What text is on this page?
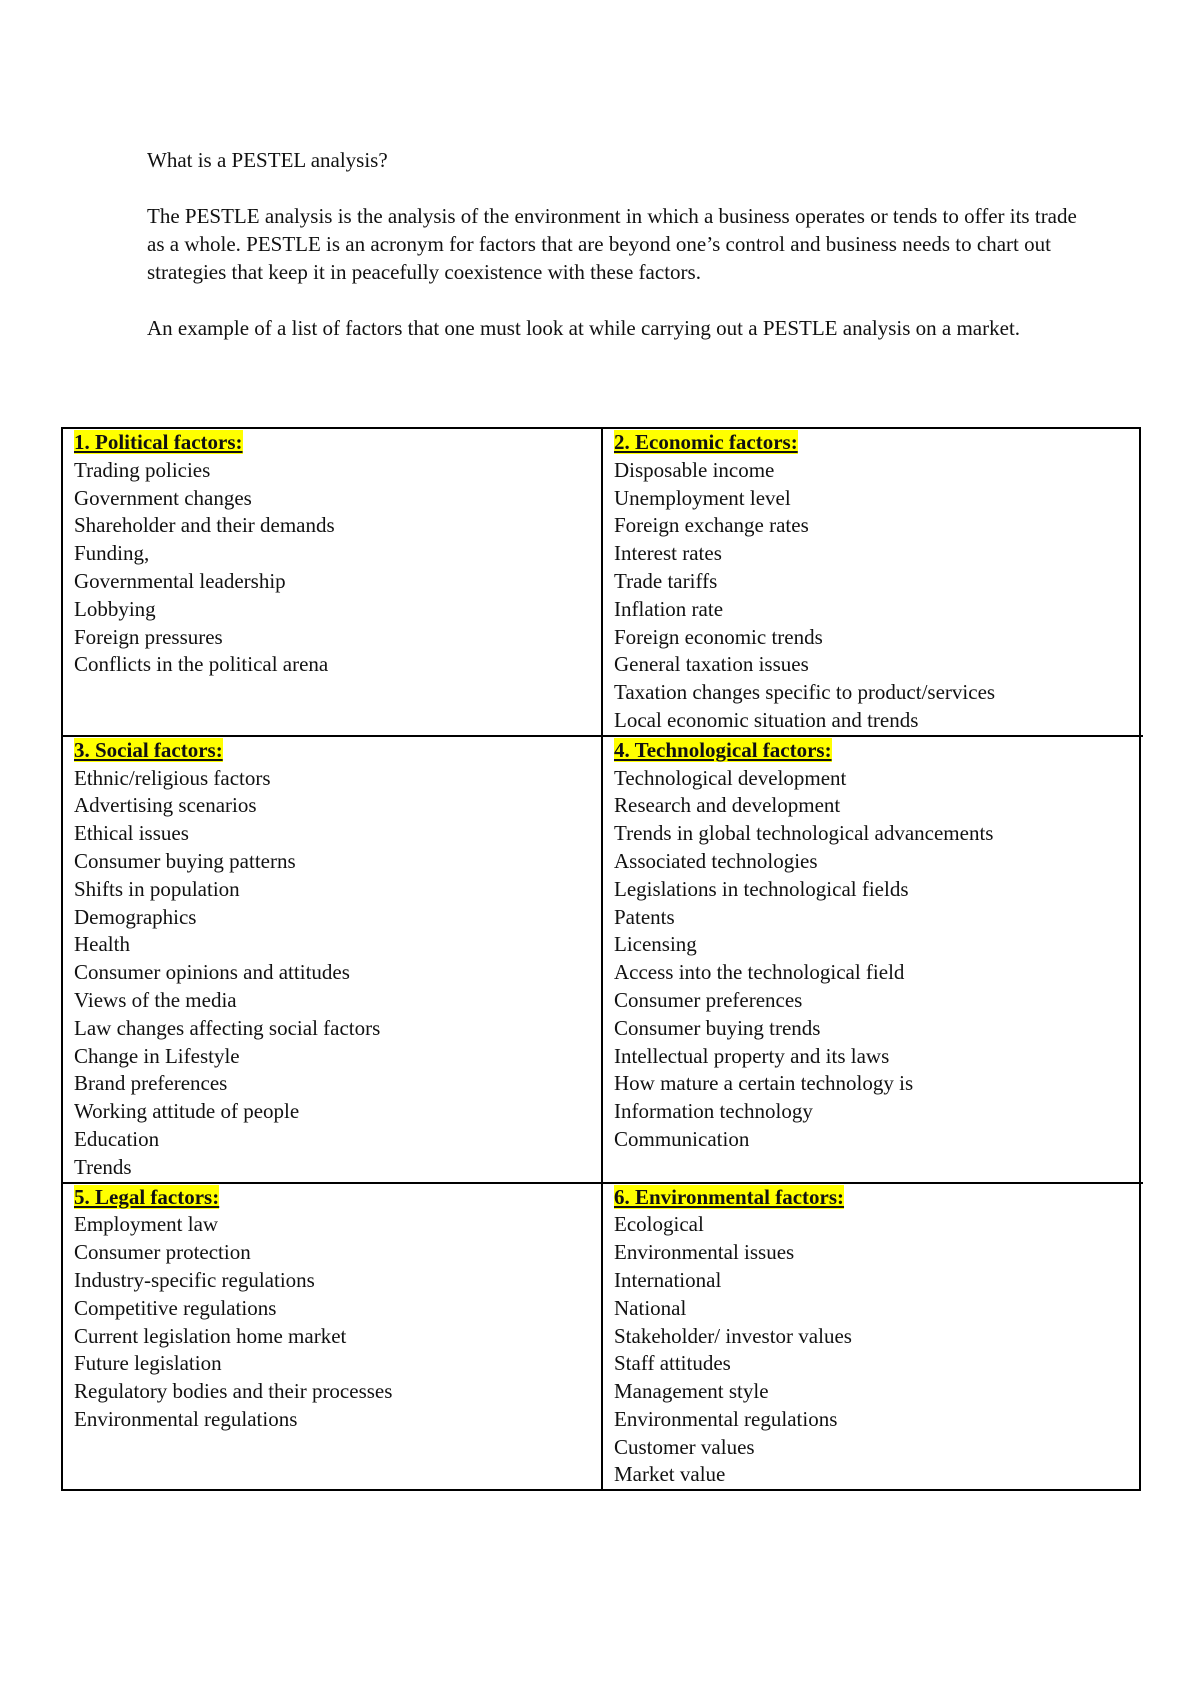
What is a PESTEL analysis?

The PESTLE analysis is the analysis of the environment in which a business operates or tends to offer its trade as a whole. PESTLE is an acronym for factors that are beyond one’s control and business needs to chart out strategies that keep it in peacefully coexistence with these factors.

An example of a list of factors that one must look at while carrying out a PESTLE analysis on a market.

1. Political factors:
Trading policies
Government changes
Shareholder and their demands
Funding,
Governmental leadership
Lobbying
Foreign pressures
Conflicts in the political arena
2. Economic factors:
Disposable income
Unemployment level
Foreign exchange rates
Interest rates
Trade tariffs
Inflation rate
Foreign economic trends
General taxation issues
Taxation changes specific to product/services
Local economic situation and trends
3. Social factors:
Ethnic/religious factors
Advertising scenarios
Ethical issues
Consumer buying patterns
Shifts in population
Demographics
Health
Consumer opinions and attitudes
Views of the media
Law changes affecting social factors
Change in Lifestyle
Brand preferences
Working attitude of people
Education
Trends
4. Technological factors:
Technological development
Research and development
Trends in global technological advancements
Associated technologies
Legislations in technological fields
Patents
Licensing
Access into the technological field
Consumer preferences
Consumer buying trends
Intellectual property and its laws
How mature a certain technology is
Information technology
Communication
5. Legal factors:
Employment law
Consumer protection
Industry-specific regulations
Competitive regulations
Current legislation home market
Future legislation
Regulatory bodies and their processes
Environmental regulations
6. Environmental factors:
Ecological
Environmental issues
International
National
Stakeholder/ investor values
Staff attitudes
Management style
Environmental regulations
Customer values
Market value
